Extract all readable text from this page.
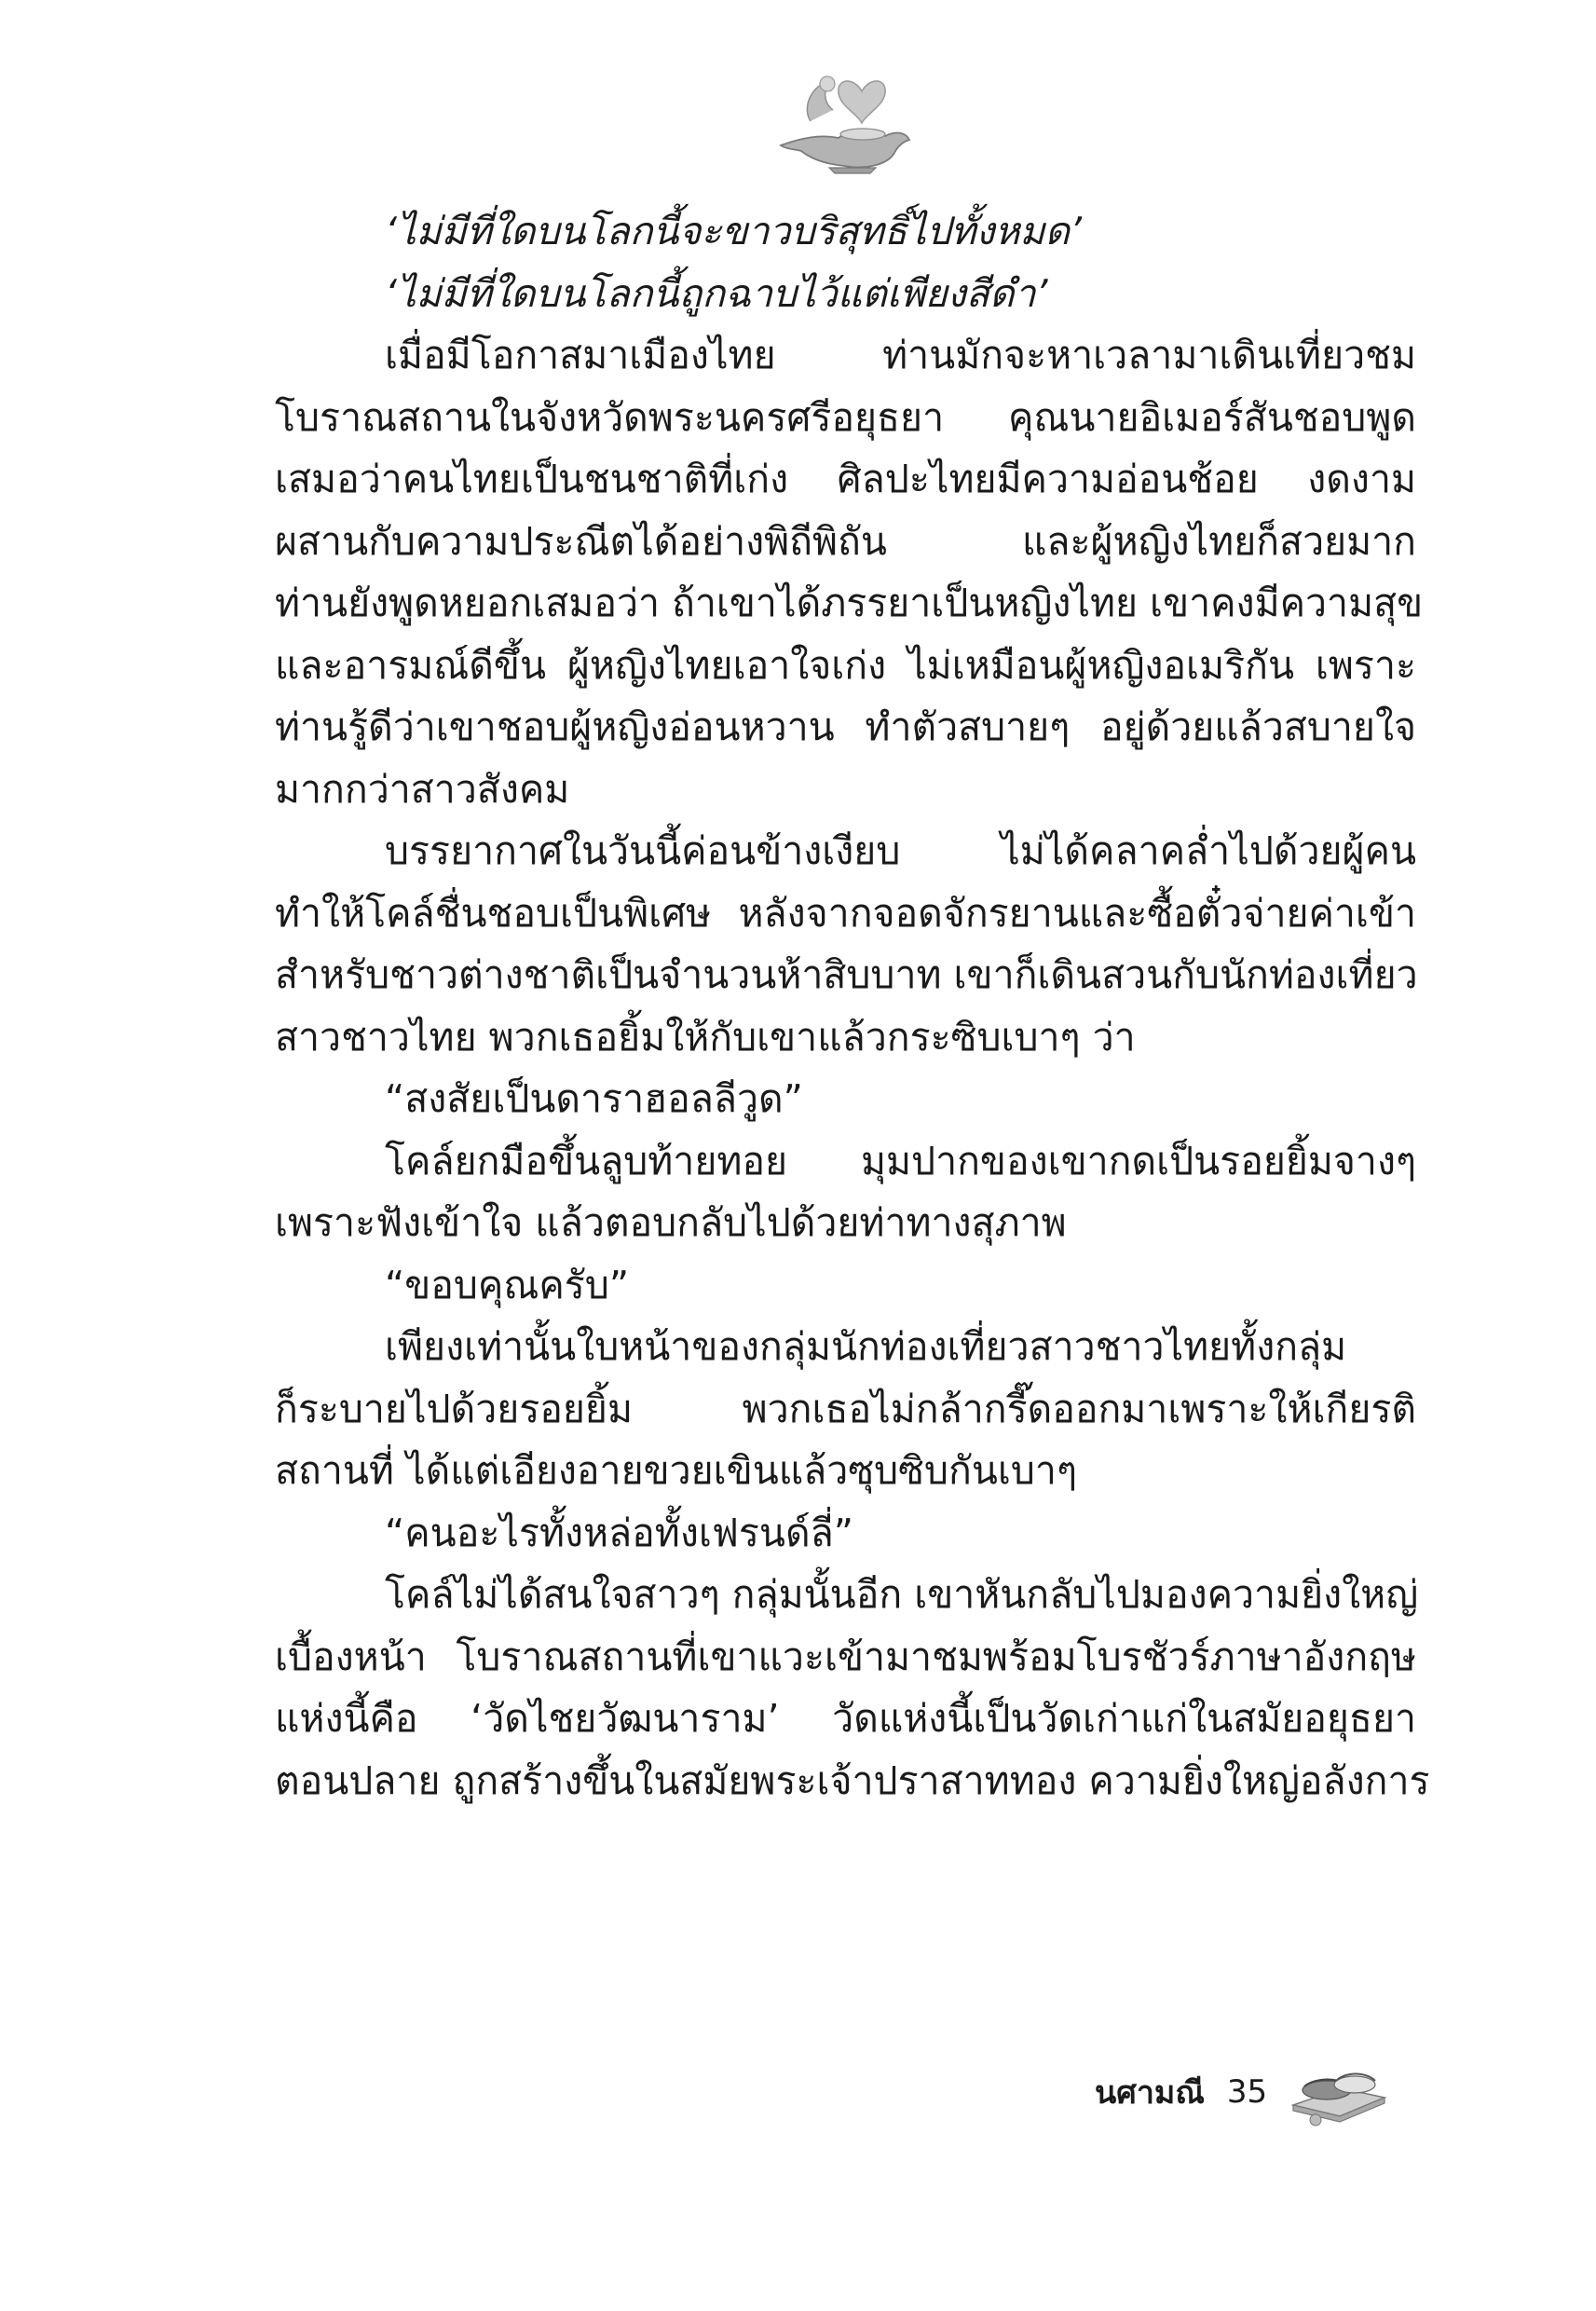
‘ไม่มีที่ใดบนโลกนี้จะขาวบริสุทธิ์ไปทั้งหมด’
‘ไม่มีที่ใดบนโลกนี้ถูกฉาบไว้แต่เพียงสีดำ’
เมื่อมีโอกาสมาเมืองไทย ท่านมักจะหาเวลามาเดินเที่ยวชม
โบราณสถานในจังหวัดพระนครศรีอยุธยา คุณนายอิเมอร์สันชอบพูด
เสมอว่าคนไทยเป็นชนชาติที่เก่ง ศิลปะไทยมีความอ่อนช้อย งดงาม
ผสานกับความประณีตได้อย่างพิถีพิถัน และผู้หญิงไทยก็สวยมาก
ท่านยังพูดหยอกเสมอว่า ถ้าเขาได้ภรรยาเป็นหญิงไทย เขาคงมีความสุข
และอารมณ์ดีขึ้น ผู้หญิงไทยเอาใจเก่ง ไม่เหมือนผู้หญิงอเมริกัน เพราะ
ท่านรู้ดีว่าเขาชอบผู้หญิงอ่อนหวาน ทำตัวสบายๆ อยู่ด้วยแล้วสบายใจ
มากกว่าสาวสังคม
บรรยากาศในวันนี้ค่อนข้างเงียบ ไม่ได้คลาคล่ำไปด้วยผู้คน
ทำให้โคล์ชื่นชอบเป็นพิเศษ หลังจากจอดจักรยานและซื้อตั๋วจ่ายค่าเข้า
สำหรับชาวต่างชาติเป็นจำนวนห้าสิบบาท เขาก็เดินสวนกับนักท่องเที่ยว
สาวชาวไทย พวกเธอยิ้มให้กับเขาแล้วกระซิบเบาๆ ว่า
“สงสัยเป็นดาราฮอลลีวูด”
โคล์ยกมือขึ้นลูบท้ายทอย มุมปากของเขากดเป็นรอยยิ้มจางๆ
เพราะฟังเข้าใจ แล้วตอบกลับไปด้วยท่าทางสุภาพ
“ขอบคุณครับ”
เพียงเท่านั้นใบหน้าของกลุ่มนักท่องเที่ยวสาวชาวไทยทั้งกลุ่ม
ก็ระบายไปด้วยรอยยิ้ม พวกเธอไม่กล้ากรี๊ดออกมาเพราะให้เกียรติ
สถานที่ ได้แต่เอียงอายขวยเขินแล้วซุบซิบกันเบาๆ
“คนอะไรทั้งหล่อทั้งเฟรนด์ลี่”
โคล์ไม่ได้สนใจสาวๆ กลุ่มนั้นอีก เขาหันกลับไปมองความยิ่งใหญ่
เบื้องหน้า โบราณสถานที่เขาแวะเข้ามาชมพร้อมโบรชัวร์ภาษาอังกฤษ
แห่งนี้คือ ‘วัดไชยวัฒนาราม’ วัดแห่งนี้เป็นวัดเก่าแก่ในสมัยอยุธยา
ตอนปลาย ถูกสร้างขึ้นในสมัยพระเจ้าปราสาททอง ความยิ่งใหญ่อลังการ
นศามณี 35
